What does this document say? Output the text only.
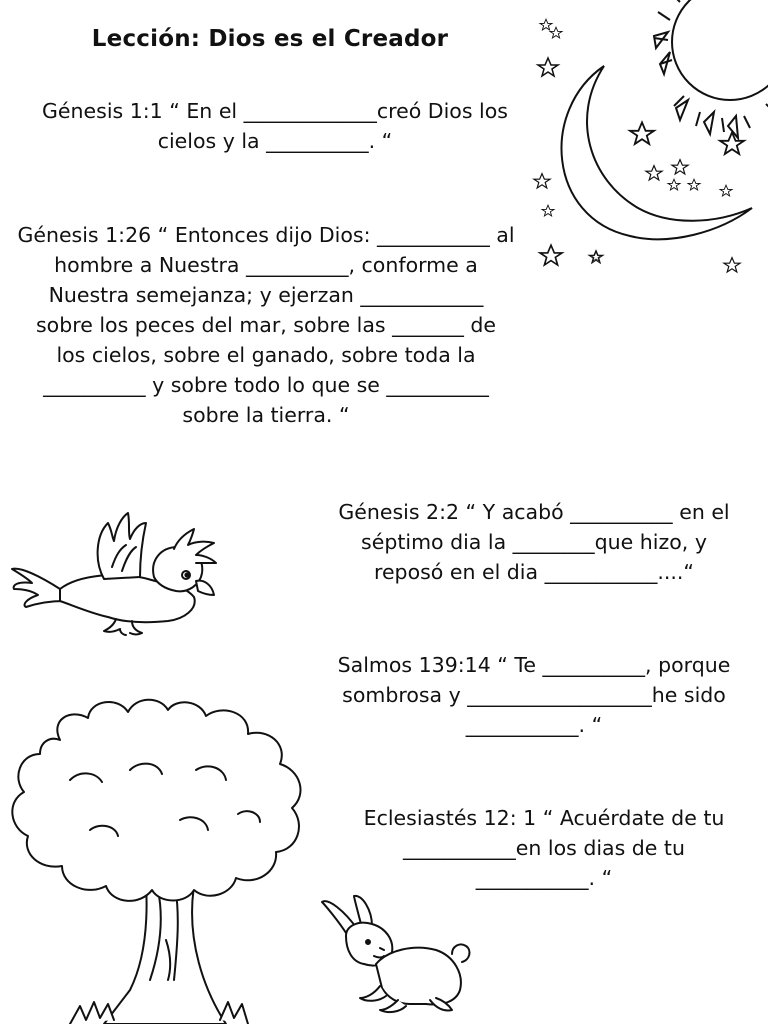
Lección: Dios es el Creador
Génesis 1:1 “ En el _____________creó Dios los
cielos y la __________. “
Génesis 1:26 “ Entonces dijo Dios: ___________ al
hombre a Nuestra __________, conforme a
Nuestra semejanza; y ejerzan ____________
sobre los peces del mar, sobre las _______ de
los cielos, sobre el ganado, sobre toda la
__________ y sobre todo lo que se __________
sobre la tierra. “
Génesis 2:2 “ Y acabó __________ en el
séptimo dia la ________que hizo, y
reposó en el dia ___________....“
Salmos 139:14 “ Te __________, porque
sombrosa y __________________he sido
___________. “
Eclesiastés 12: 1 “ Acuérdate de tu
___________en los dias de tu
___________. “
